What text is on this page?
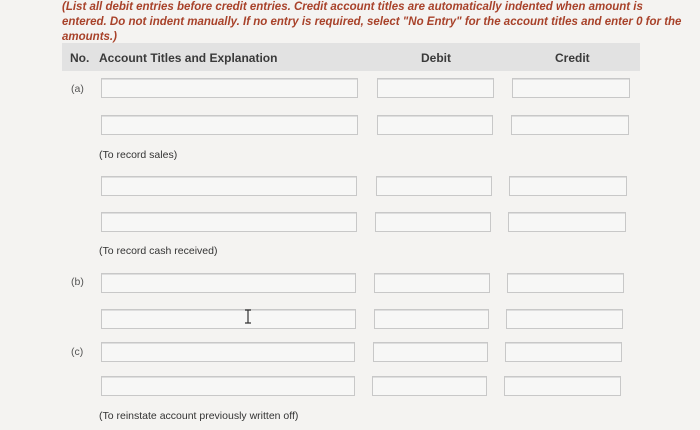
(List all debit entries before credit entries. Credit account titles are automatically indented when amount is entered. Do not indent manually. If no entry is required, select "No Entry" for the account titles and enter 0 for the amounts.)
No. Account Titles and Explanation	Debit	Credit
(a)
(To record sales)
(To record cash received)
(b)
(c)
(To reinstate account previously written off)
